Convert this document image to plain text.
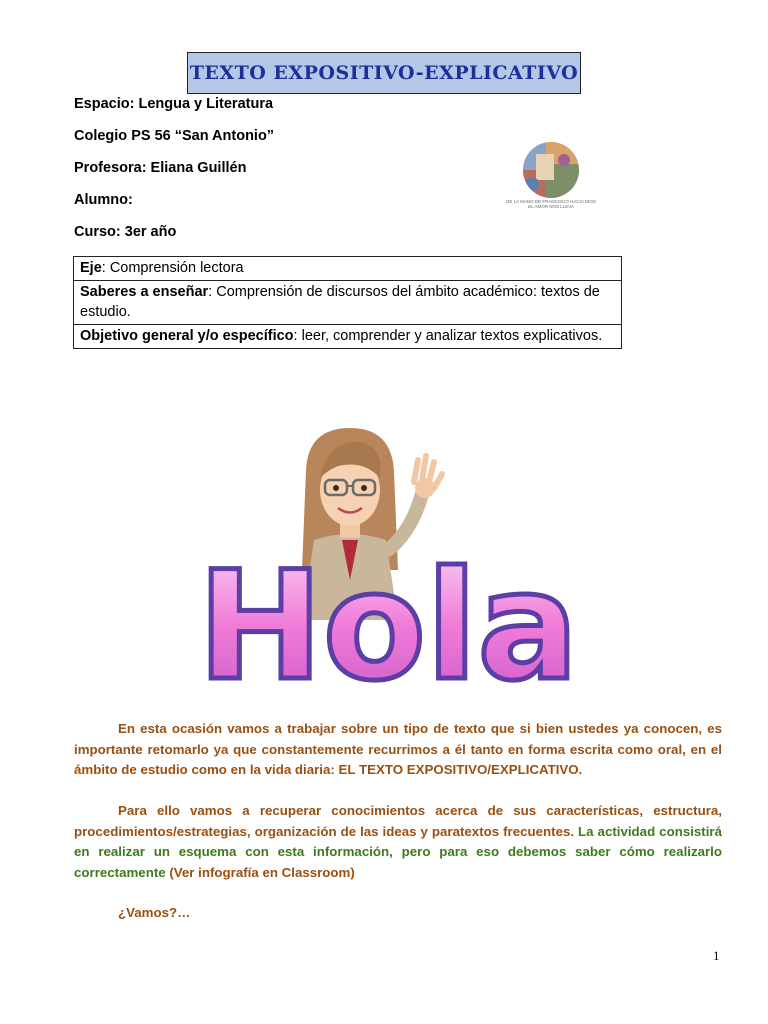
TEXTO EXPOSITIVO-EXPLICATIVO
Espacio: Lengua y Literatura
Colegio PS 56 “San Antonio”
Profesora: Eliana Guillén
Alumno:
Curso: 3er año
DE LA MANO DE FRANCISCO HACIA DIOS EL AMOR NOS LLEVA
Eje: Comprensión lectora
Saberes a enseñar: Comprensión de discursos del ámbito académico: textos de estudio.
Objetivo general y/o específico: leer, comprender y analizar textos explicativos.
Hola
En esta ocasión vamos a trabajar sobre un tipo de texto que si bien ustedes ya conocen, es importante retomarlo ya que constantemente recurrimos a él tanto en forma escrita como oral, en el ámbito de estudio como en la vida diaria: EL TEXTO EXPOSITIVO/EXPLICATIVO.
Para ello vamos a recuperar conocimientos acerca de sus características, estructura, procedimientos/estrategias, organización de las ideas y paratextos frecuentes. La actividad consistirá en realizar un esquema con esta información, pero para eso debemos saber cómo realizarlo correctamente (Ver infografía en Classroom)
¿Vamos?…
1
